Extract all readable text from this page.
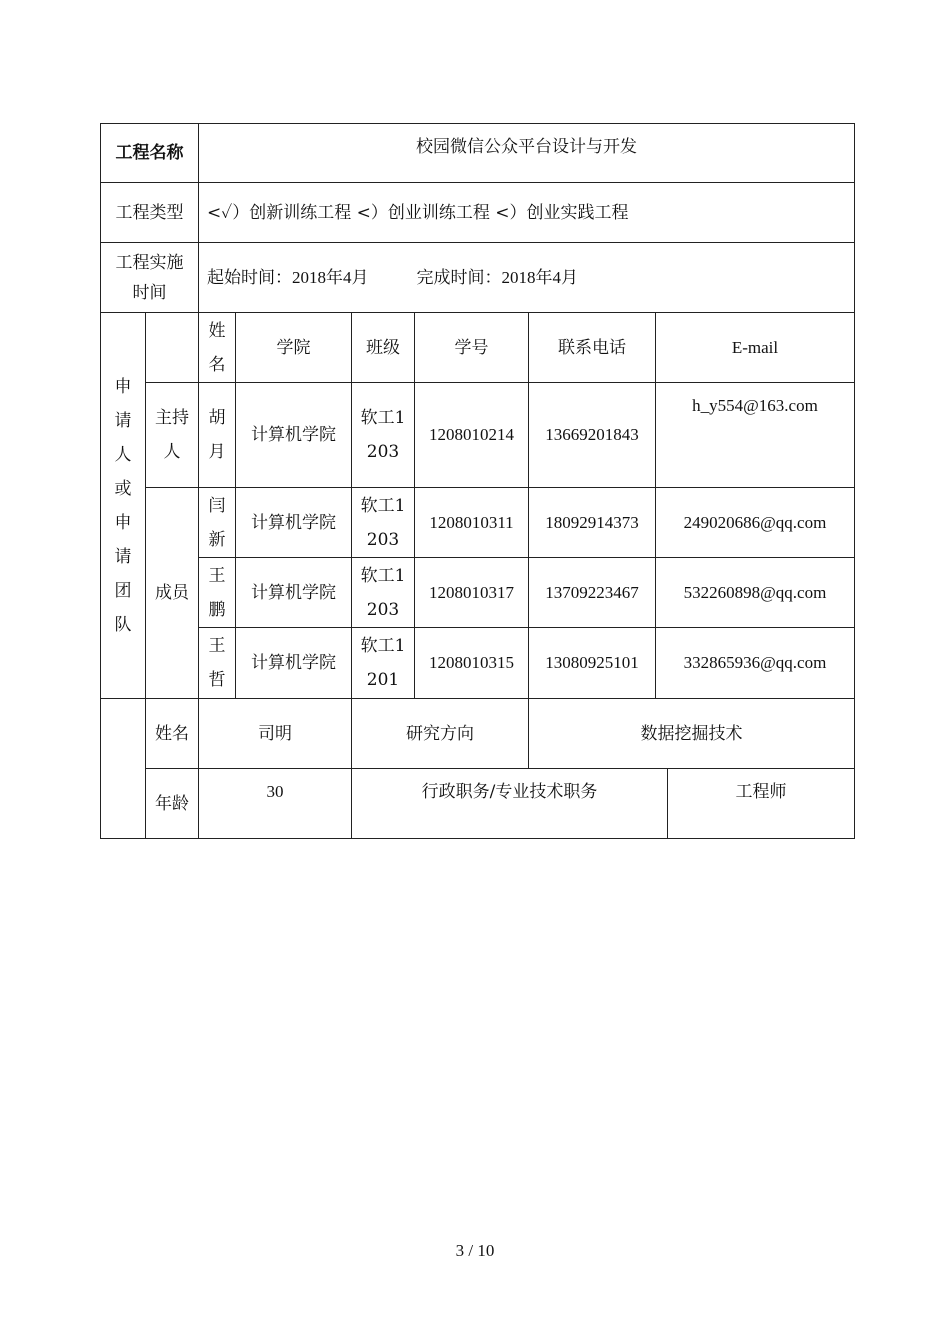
工程名称		校园微信公众平台设计与开发						
工程类型		<✓）创新训练工程 <）创业训练工程 <）创业实践工程						
工程实施时间		起始时间：2018年4月 完成时间：2018年4月						
申请人或申请团队		姓名	学院	班级	学号	联系电话	E-mail	
	主持人	胡月	计算机学院	软工1203	1208010214	13669201843	h_y554@163.com	
	成员	闫新	计算机学院	软工1203	1208010311	18092914373	249020686@qq.com	
		王鹏	计算机学院	软工1203	1208010317	13709223467	532260898@qq.com	
		王哲	计算机学院	软工1201	1208010315	13080925101	332865936@qq.com	
	姓名	司明		研究方向		数据挖掘技术		
	年龄	30		行政职务/专业技术职务				工程师
3 / 10
